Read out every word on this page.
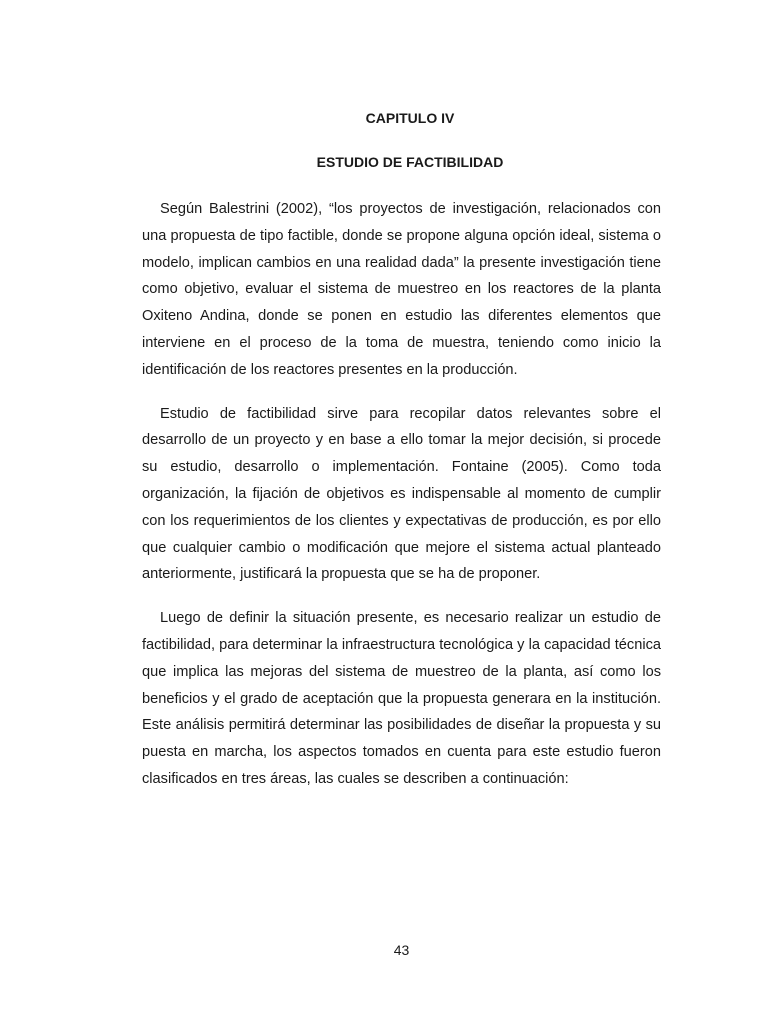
CAPITULO IV
ESTUDIO DE FACTIBILIDAD

Según Balestrini (2002), “los proyectos de investigación, relacionados con una propuesta de tipo factible, donde se propone alguna opción ideal, sistema o modelo, implican cambios en una realidad dada” la presente investigación tiene como objetivo, evaluar el sistema de muestreo en los reactores de la planta Oxiteno Andina, donde se ponen en estudio las diferentes elementos que interviene en el proceso de la toma de muestra, teniendo como inicio la identificación de los reactores presentes en la producción.

Estudio de factibilidad sirve para recopilar datos relevantes sobre el desarrollo de un proyecto y en base a ello tomar la mejor decisión, si procede su estudio, desarrollo o implementación. Fontaine (2005). Como toda organización, la fijación de objetivos es indispensable al momento de cumplir con los requerimientos de los clientes y expectativas de producción, es por ello que cualquier cambio o modificación que mejore el sistema actual planteado anteriormente, justificará la propuesta que se ha de proponer.

Luego de definir la situación presente, es necesario realizar un estudio de factibilidad, para determinar la infraestructura tecnológica y la capacidad técnica que implica las mejoras del sistema de muestreo de la planta, así como los beneficios y el grado de aceptación que la propuesta generara en la institución. Este análisis permitirá determinar las posibilidades de diseñar la propuesta y su puesta en marcha, los aspectos tomados en cuenta para este estudio fueron clasificados en tres áreas, las cuales se describen a continuación:

43
